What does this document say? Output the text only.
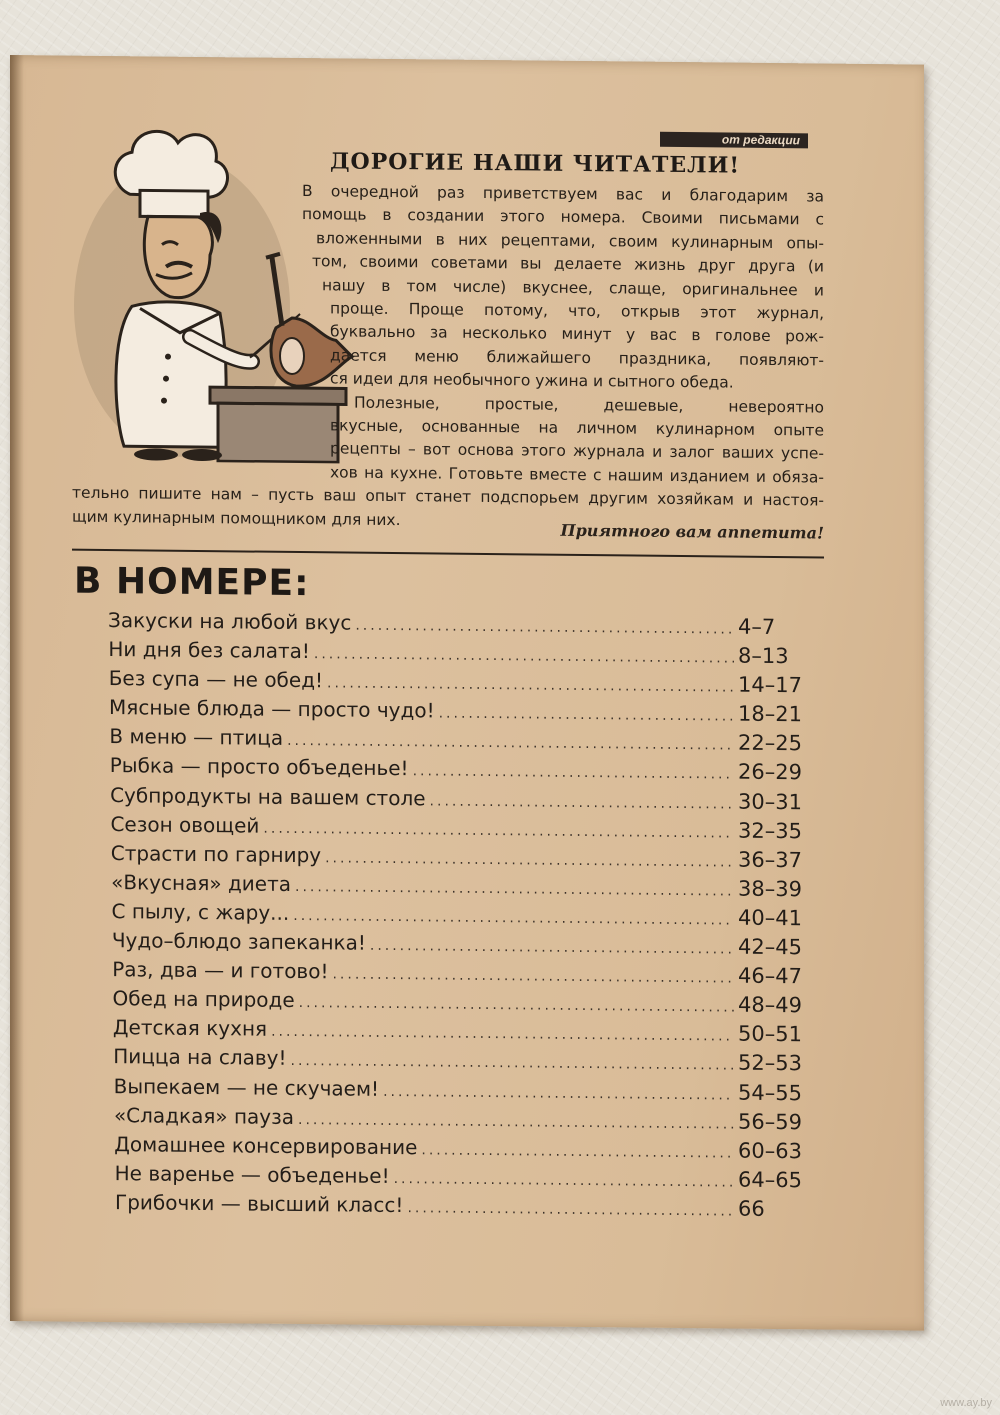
от редакции
ДОРОГИЕ НАШИ ЧИТАТЕЛИ!

В очередной раз приветствуем вас и благодарим за
помощь в создании этого номера. Своими письмами с
вложенными в них рецептами, своим кулинарным опы-
том, своими советами вы делаете жизнь друг друга (и
нашу в том числе) вкуснее, слаще, оригинальнее и
проще. Проще потому, что, открыв этот журнал,
буквально за несколько минут у вас в голове рож-
дается меню ближайшего праздника, появляют-
ся идеи для необычного ужина и сытного обеда.
Полезные, простые, дешевые, невероятно
вкусные, основанные на личном кулинарном опыте
рецепты – вот основа этого журнала и залог ваших успе-
хов на кухне. Готовьте вместе с нашим изданием и обяза-
тельно пишите нам – пусть ваш опыт станет подспорьем другим хозяйкам и настоя-
щим кулинарным помощником для них.

Приятного вам аппетита!

В НОМЕРЕ:
Закуски на любой вкус .....	4–7
Ни дня без салата! .....	8–13
Без супа — не обед! .....	14–17
Мясные блюда — просто чудо! .....	18–21
В меню — птица .....	22–25
Рыбка — просто объеденье! .....	26–29
Субпродукты на вашем столе .....	30–31
Сезон овощей .....	32–35
Страсти по гарниру .....	36–37
«Вкусная» диета .....	38–39
С пылу, с жару... .....	40–41
Чудо–блюдо запеканка! .....	42–45
Раз, два — и готово! .....	46–47
Обед на природе .....	48–49
Детская кухня .....	50–51
Пицца на славу! .....	52–53
Выпекаем — не скучаем! .....	54–55
«Сладкая» пауза .....	56–59
Домашнее консервирование .....	60–63
Не варенье — объеденье! .....	64–65
Грибочки — высший класс! .....	66
www.ay.by
